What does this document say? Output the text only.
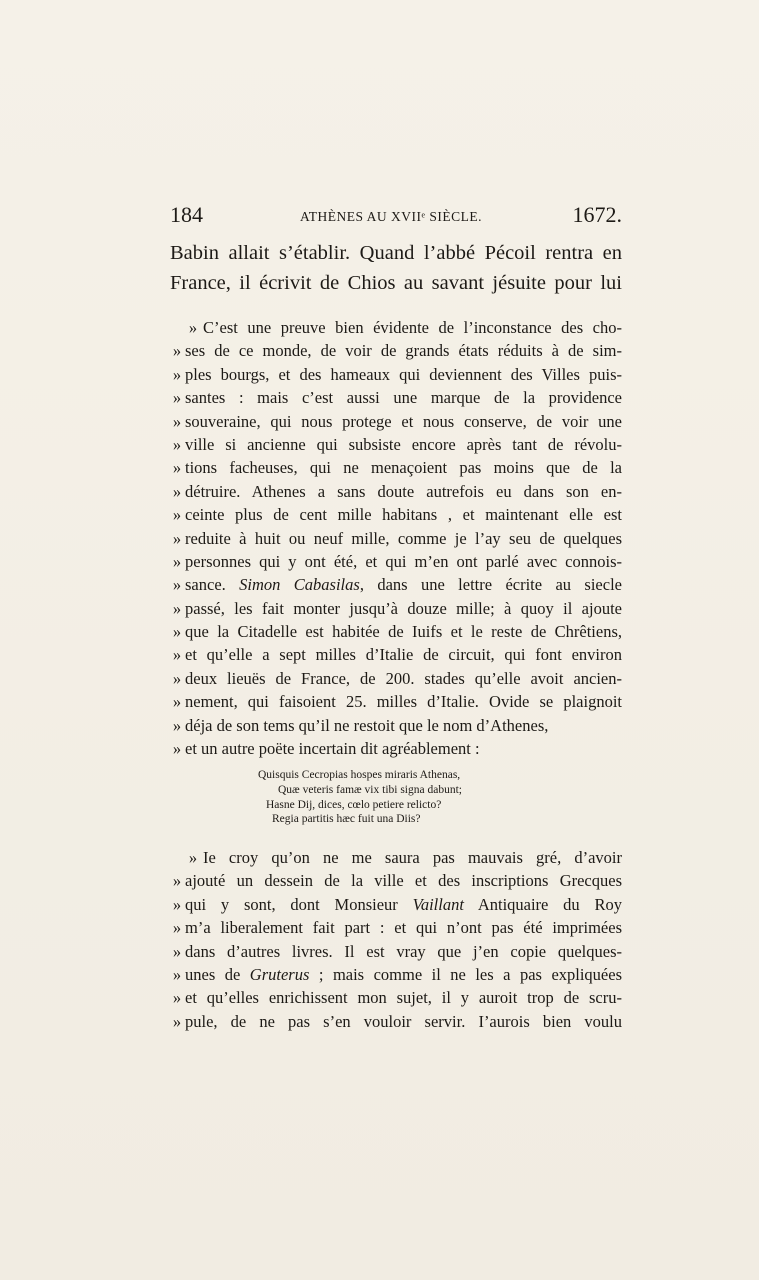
184	ATHÈNES AU XVIIᵉ SIÈCLE.	1672.
Babin allait s’établir. Quand l’abbé Pécoil rentra en
France, il écrivit de Chios au savant jésuite pour lui
» C’est une preuve bien évidente de l’inconstance des cho-
» ses de ce monde, de voir de grands états réduits à de sim-
» ples bourgs, et des hameaux qui deviennent des Villes puis-
» santes : mais c’est aussi une marque de la providence
» souveraine, qui nous protege et nous conserve, de voir une
» ville si ancienne qui subsiste encore après tant de révolu-
» tions facheuses, qui ne menaçoient pas moins que de la
» détruire. Athenes a sans doute autrefois eu dans son en-
» ceinte plus de cent mille habitans , et maintenant elle est
» reduite à huit ou neuf mille, comme je l’ay seu de quelques
» personnes qui y ont été, et qui m’en ont parlé avec connois-
» sance. Simon Cabasilas, dans une lettre écrite au siecle
» passé, les fait monter jusqu’à douze mille; à quoy il ajoute
» que la Citadelle est habitée de Iuifs et le reste de Chrêtiens,
» et qu’elle a sept milles d’Italie de circuit, qui font environ
» deux lieuës de France, de 200. stades qu’elle avoit ancien-
» nement, qui faisoient 25. milles d’Italie. Ovide se plaignoit
» déja de son tems qu’il ne restoit que le nom d’Athenes,
» et un autre poëte incertain dit agréablement :
Quisquis Cecropias hospes miraris Athenas,
Quæ veteris famæ vix tibi signa dabunt;
Hasne Dij, dices, cœlo petiere relicto?
Regia partitis hæc fuit una Diis?
» Ie croy qu’on ne me saura pas mauvais gré, d’avoir
» ajouté un dessein de la ville et des inscriptions Grecques
» qui y sont, dont Monsieur Vaillant Antiquaire du Roy
» m’a liberalement fait part : et qui n’ont pas été imprimées
» dans d’autres livres. Il est vray que j’en copie quelques-
» unes de Gruterus ; mais comme il ne les a pas expliquées
» et qu’elles enrichissent mon sujet, il y auroit trop de scru-
» pule, de ne pas s’en vouloir servir. I’aurois bien voulu
